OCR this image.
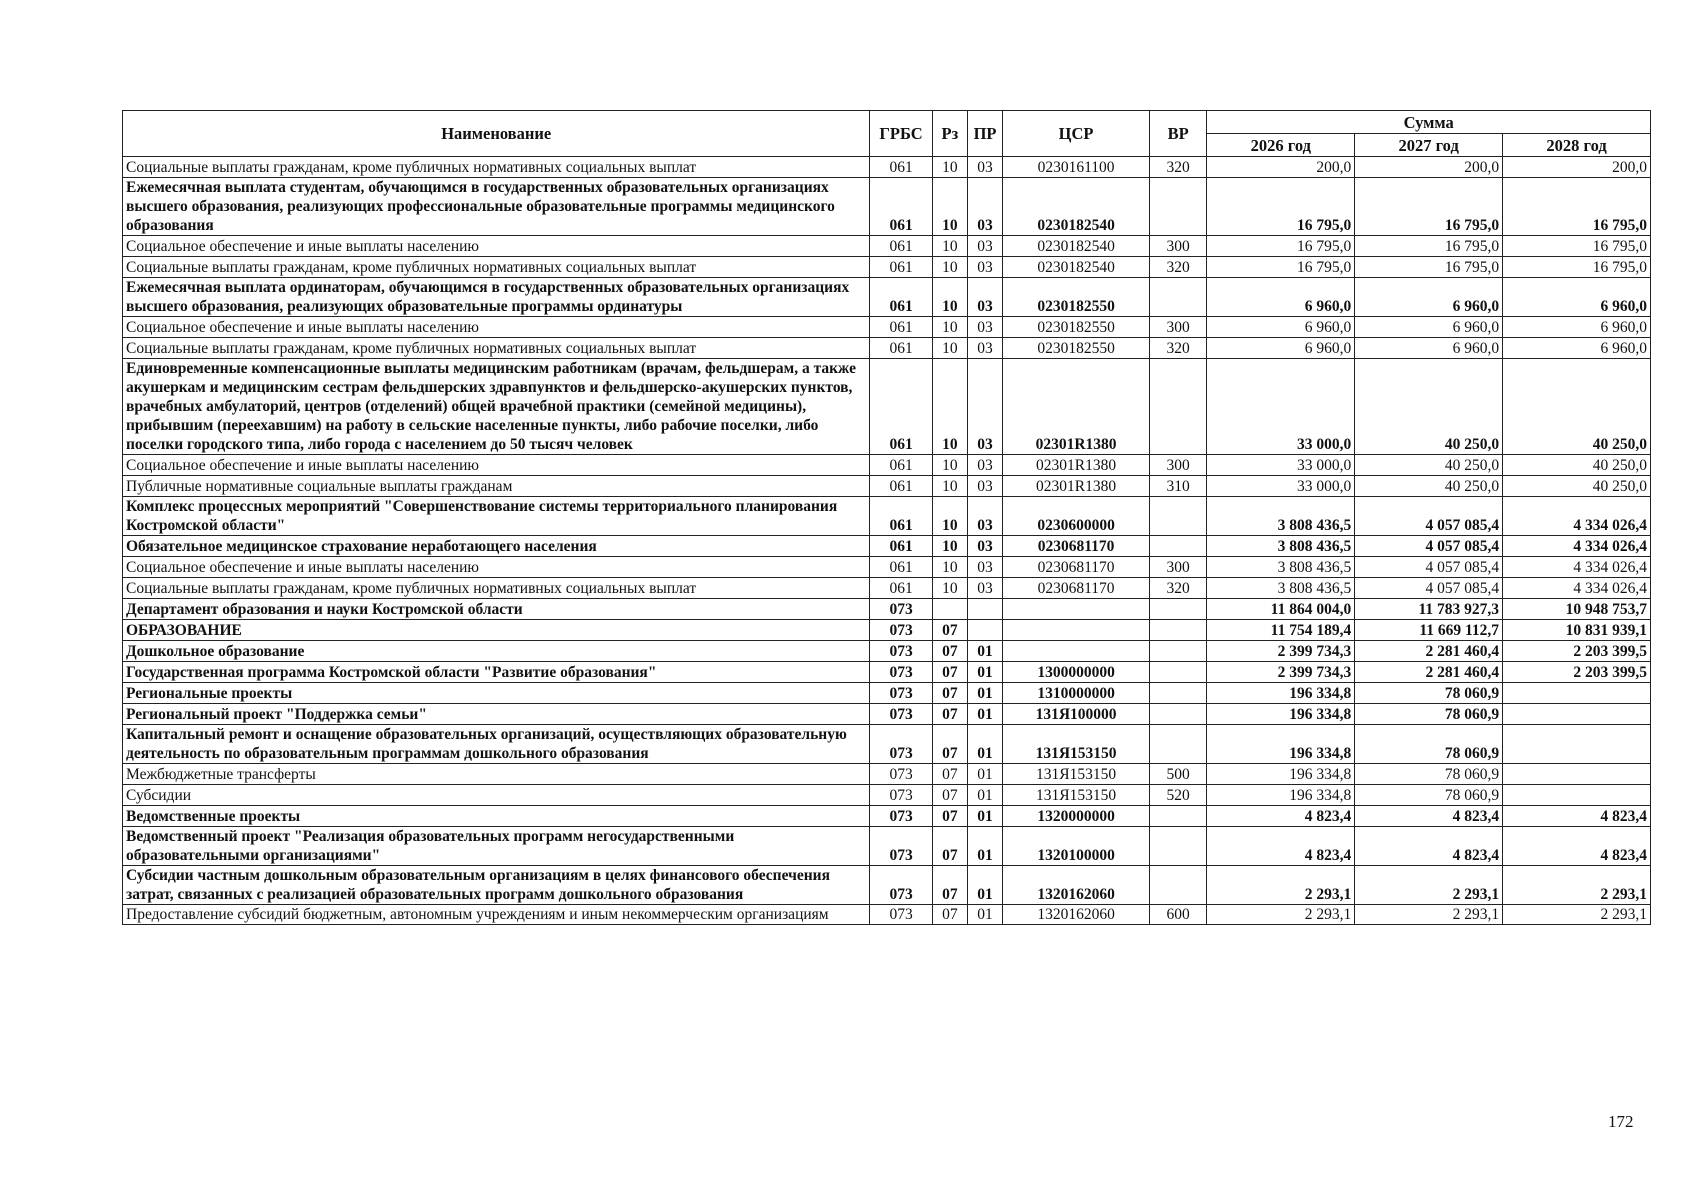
Наименование	ГРБС	Рз	ПР	ЦСР	ВР	Сумма		
						2026 год	2027 год	2028 год
Социальные выплаты гражданам, кроме публичных нормативных социальных выплат	061	10	03	0230161100	320	200,0	200,0	200,0
Ежемесячная выплата студентам, обучающимся в государственных образовательных организациях высшего образования, реализующих профессиональные образовательные программы медицинского образования	061	10	03	0230182540		16 795,0	16 795,0	16 795,0
Социальное обеспечение и иные выплаты населению	061	10	03	0230182540	300	16 795,0	16 795,0	16 795,0
Социальные выплаты гражданам, кроме публичных нормативных социальных выплат	061	10	03	0230182540	320	16 795,0	16 795,0	16 795,0
Ежемесячная выплата ординаторам, обучающимся в государственных образовательных организациях высшего образования, реализующих образовательные программы ординатуры	061	10	03	0230182550		6 960,0	6 960,0	6 960,0
Социальное обеспечение и иные выплаты населению	061	10	03	0230182550	300	6 960,0	6 960,0	6 960,0
Социальные выплаты гражданам, кроме публичных нормативных социальных выплат	061	10	03	0230182550	320	6 960,0	6 960,0	6 960,0
Единовременные компенсационные выплаты медицинским работникам (врачам, фельдшерам, а также акушеркам и медицинским сестрам фельдшерских здравпунктов и фельдшерско-акушерских пунктов, врачебных амбулаторий, центров (отделений) общей врачебной практики (семейной медицины), прибывшим (переехавшим) на работу в сельские населенные пункты, либо рабочие поселки, либо поселки городского типа, либо города с населением до 50 тысяч человек	061	10	03	02301R1380		33 000,0	40 250,0	40 250,0
Социальное обеспечение и иные выплаты населению	061	10	03	02301R1380	300	33 000,0	40 250,0	40 250,0
Публичные нормативные социальные выплаты гражданам	061	10	03	02301R1380	310	33 000,0	40 250,0	40 250,0
Комплекс процессных мероприятий "Совершенствование системы территориального планирования Костромской области"	061	10	03	0230600000		3 808 436,5	4 057 085,4	4 334 026,4
Обязательное медицинское страхование неработающего населения	061	10	03	0230681170		3 808 436,5	4 057 085,4	4 334 026,4
Социальное обеспечение и иные выплаты населению	061	10	03	0230681170	300	3 808 436,5	4 057 085,4	4 334 026,4
Социальные выплаты гражданам, кроме публичных нормативных социальных выплат	061	10	03	0230681170	320	3 808 436,5	4 057 085,4	4 334 026,4
Департамент образования и науки Костромской области	073					11 864 004,0	11 783 927,3	10 948 753,7
ОБРАЗОВАНИЕ	073	07				11 754 189,4	11 669 112,7	10 831 939,1
Дошкольное образование	073	07	01			2 399 734,3	2 281 460,4	2 203 399,5
Государственная программа Костромской области "Развитие образования"	073	07	01	1300000000		2 399 734,3	2 281 460,4	2 203 399,5
Региональные проекты	073	07	01	1310000000		196 334,8	78 060,9	
Региональный проект "Поддержка семьи"	073	07	01	131Я100000		196 334,8	78 060,9	
Капитальный ремонт и оснащение образовательных организаций, осуществляющих образовательную деятельность по образовательным программам дошкольного образования	073	07	01	131Я153150		196 334,8	78 060,9	
Межбюджетные трансферты	073	07	01	131Я153150	500	196 334,8	78 060,9	
Субсидии	073	07	01	131Я153150	520	196 334,8	78 060,9	
Ведомственные проекты	073	07	01	1320000000		4 823,4	4 823,4	4 823,4
Ведомственный проект "Реализация образовательных программ негосударственными образовательными организациями"	073	07	01	1320100000		4 823,4	4 823,4	4 823,4
Субсидии частным дошкольным образовательным организациям в целях финансового обеспечения затрат, связанных с реализацией образовательных программ дошкольного образования	073	07	01	1320162060		2 293,1	2 293,1	2 293,1
Предоставление субсидий бюджетным, автономным учреждениям и иным некоммерческим организациям	073	07	01	1320162060	600	2 293,1	2 293,1	2 293,1
172
